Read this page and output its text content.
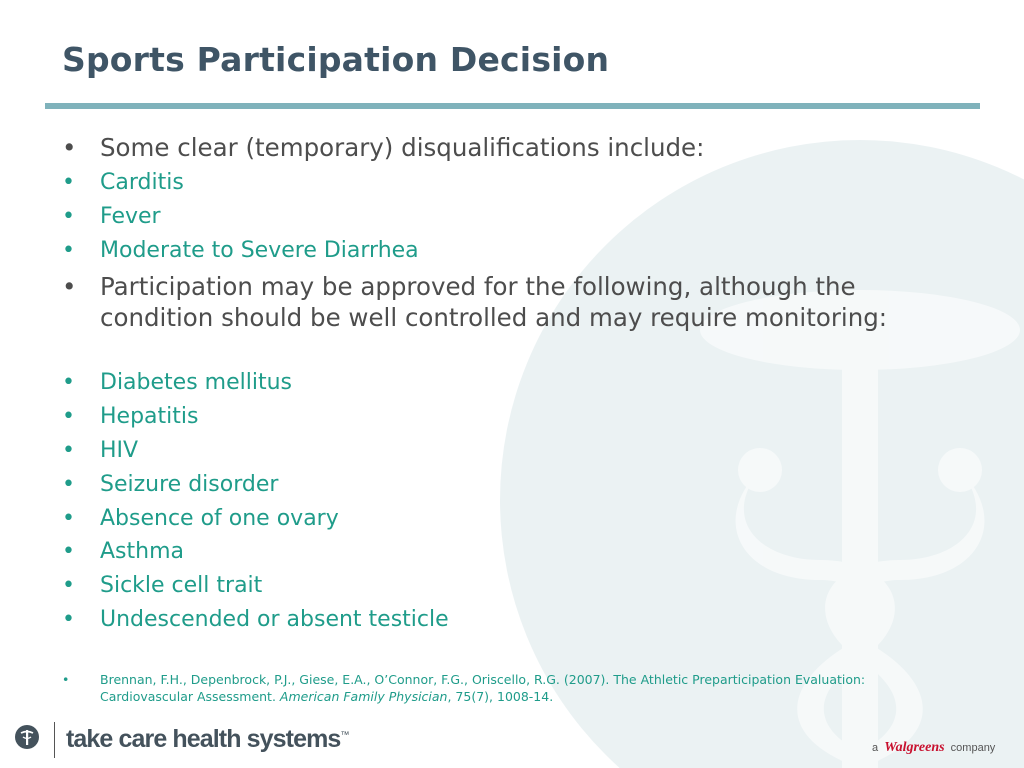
Sports Participation Decision
• Some clear (temporary) disqualifications include:
• Carditis
• Fever
• Moderate to Severe Diarrhea
• Participation may be approved for the following, although the condition should be well controlled and may require monitoring:
• Diabetes mellitus
• Hepatitis
• HIV
• Seizure disorder
• Absence of one ovary
• Asthma
• Sickle cell trait
• Undescended or absent testicle
• Brennan, F.H., Depenbrock, P.J., Giese, E.A., O’Connor, F.G., Oriscello, R.G. (2007). The Athletic Preparticipation Evaluation: Cardiovascular Assessment. American Family Physician, 75(7), 1008-14.
take care health systems™
a Walgreens company
